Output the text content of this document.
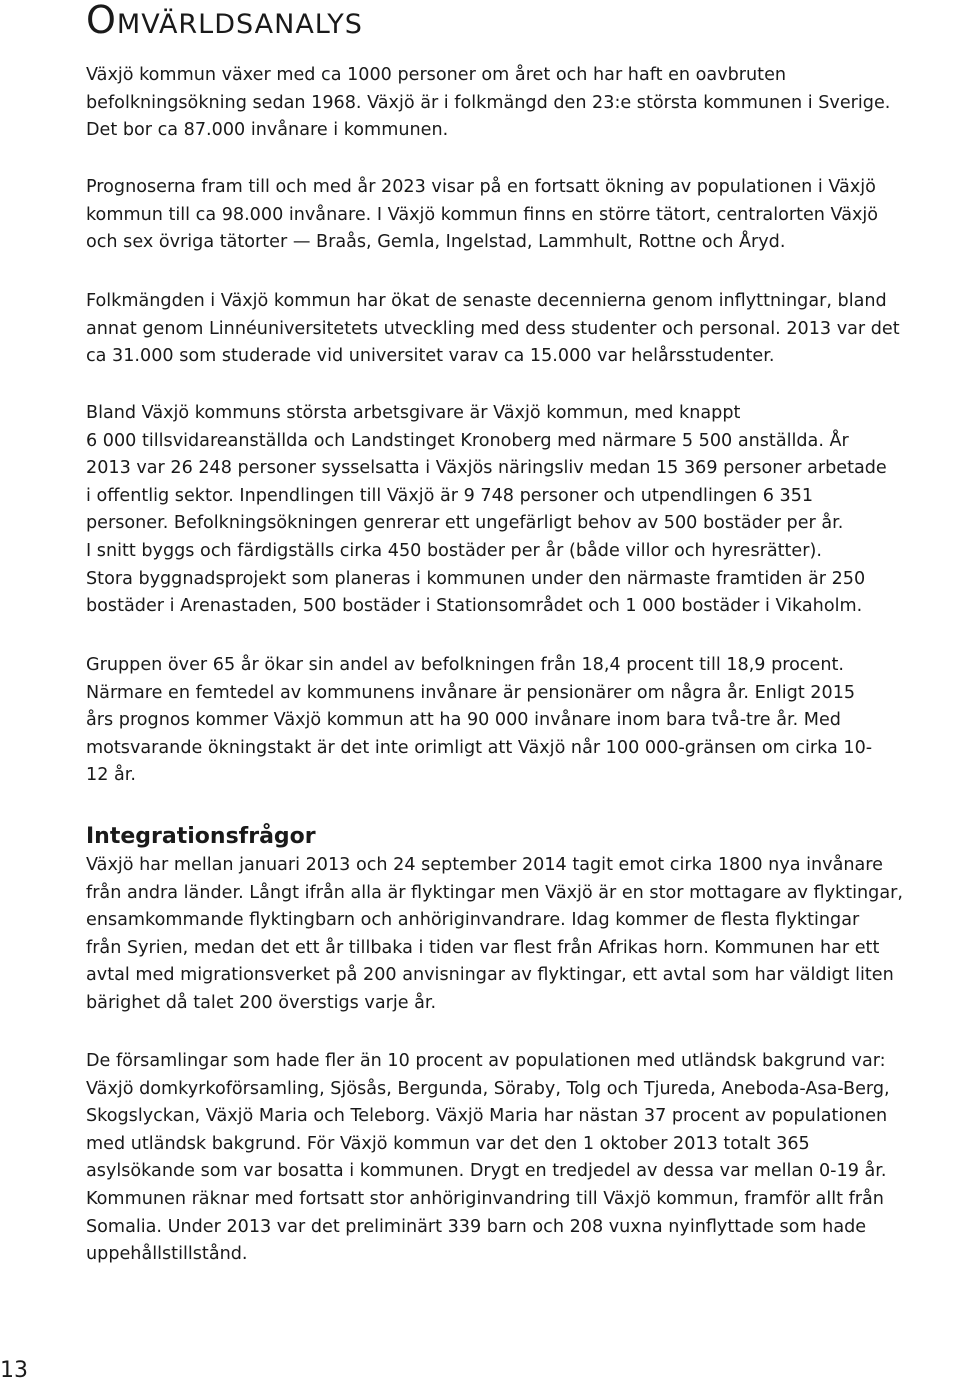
Omvärldsanalys
Växjö kommun växer med ca 1000 personer om året och har haft en oavbruten
befolkningsökning sedan 1968. Växjö är i folkmängd den 23:e största kommunen i Sverige.
Det bor ca 87.000 invånare i kommunen.
Prognoserna fram till och med år 2023 visar på en fortsatt ökning av populationen i Växjö
kommun till ca 98.000 invånare. I Växjö kommun finns en större tätort, centralorten Växjö
och sex övriga tätorter — Braås, Gemla, Ingelstad, Lammhult, Rottne och Åryd.
Folkmängden i Växjö kommun har ökat de senaste decennierna genom inflyttningar, bland
annat genom Linnéuniversitetets utveckling med dess studenter och personal. 2013 var det
ca 31.000 som studerade vid universitet varav ca 15.000 var helårsstudenter.
Bland Växjö kommuns största arbetsgivare är Växjö kommun, med knappt
6 000 tillsvidareanställda och Landstinget Kronoberg med närmare 5 500 anställda. År
2013 var 26 248 personer sysselsatta i Växjös näringsliv medan 15 369 personer arbetade
i offentlig sektor. Inpendlingen till Växjö är 9 748 personer och utpendlingen 6 351
personer. Befolkningsökningen genrerar ett ungefärligt behov av 500 bostäder per år.
I snitt byggs och färdigställs cirka 450 bostäder per år (både villor och hyresrätter).
Stora byggnadsprojekt som planeras i kommunen under den närmaste framtiden är 250
bostäder i Arenastaden, 500 bostäder i Stationsområdet och 1 000 bostäder i Vikaholm.
Gruppen över 65 år ökar sin andel av befolkningen från 18,4 procent till 18,9 procent.
Närmare en femtedel av kommunens invånare är pensionärer om några år. Enligt 2015
års prognos kommer Växjö kommun att ha 90 000 invånare inom bara två-tre år. Med
motsvarande ökningstakt är det inte orimligt att Växjö når 100 000-gränsen om cirka 10-
12 år.
Integrationsfrågor
Växjö har mellan januari 2013 och 24 september 2014 tagit emot cirka 1800 nya invånare
från andra länder. Långt ifrån alla är flyktingar men Växjö är en stor mottagare av flyktingar,
ensamkommande flyktingbarn och anhöriginvandrare. Idag kommer de flesta flyktingar
från Syrien, medan det ett år tillbaka i tiden var flest från Afrikas horn. Kommunen har ett
avtal med migrationsverket på 200 anvisningar av flyktingar, ett avtal som har väldigt liten
bärighet då talet 200 överstigs varje år.
De församlingar som hade fler än 10 procent av populationen med utländsk bakgrund var:
Växjö domkyrkoförsamling, Sjösås, Bergunda, Söraby, Tolg och Tjureda, Aneboda-Asa-Berg,
Skogslyckan, Växjö Maria och Teleborg. Växjö Maria har nästan 37 procent av populationen
med utländsk bakgrund. För Växjö kommun var det den 1 oktober 2013 totalt 365
asylsökande som var bosatta i kommunen. Drygt en tredjedel av dessa var mellan 0-19 år.
Kommunen räknar med fortsatt stor anhöriginvandring till Växjö kommun, framför allt från
Somalia. Under 2013 var det preliminärt 339 barn och 208 vuxna nyinflyttade som hade
uppehållstillstånd.
13
